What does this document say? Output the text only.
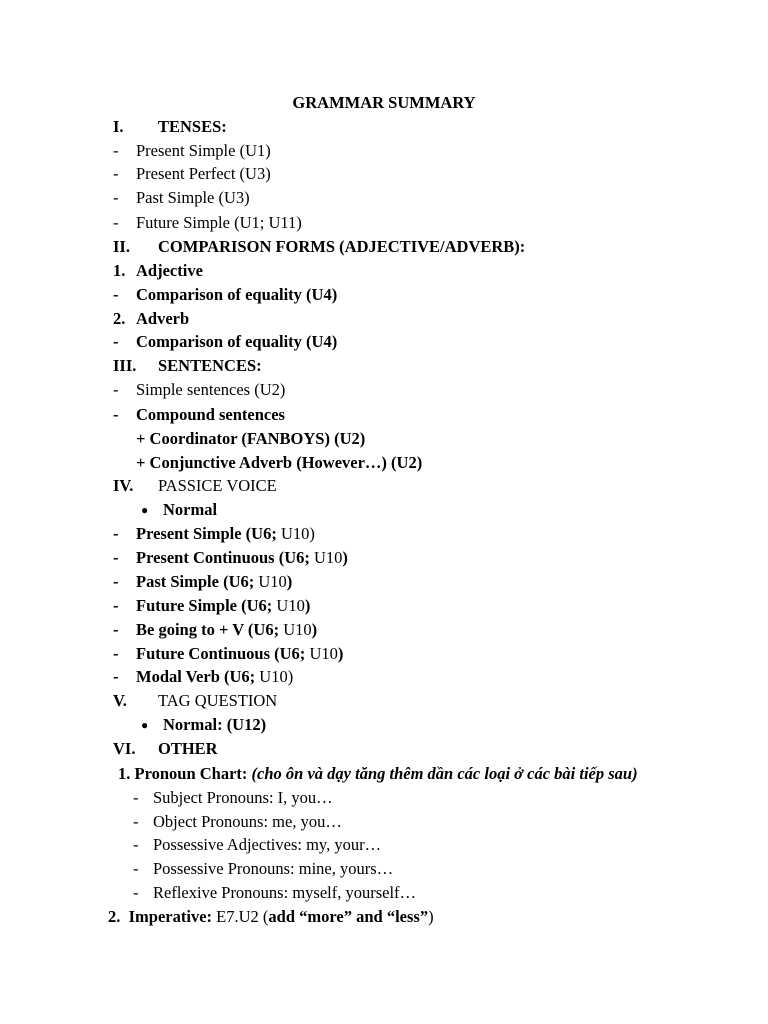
GRAMMAR SUMMARY
I. TENSES:
- Present Simple (U1)
- Present Perfect (U3)
- Past Simple (U3)
- Future Simple (U1; U11)
II. COMPARISON FORMS (ADJECTIVE/ADVERB):
1. Adjective
- Comparison of equality (U4)
2. Adverb
- Comparison of equality (U4)
III. SENTENCES:
- Simple sentences (U2)
- Compound sentences
+ Coordinator (FANBOYS) (U2)
+ Conjunctive Adverb (However…) (U2)
IV. PASSICE VOICE
● Normal
- Present Simple (U6; U10)
- Present Continuous (U6; U10)
- Past Simple (U6; U10)
- Future Simple (U6; U10)
- Be going to + V (U6; U10)
- Future Continuous (U6; U10)
- Modal Verb (U6; U10)
V. TAG QUESTION
● Normal: (U12)
VI. OTHER
1. Pronoun Chart: (cho ôn và dạy tăng thêm dần các loại ở các bài tiếp sau)
- Subject Pronouns: I, you…
- Object Pronouns: me, you…
- Possessive Adjectives: my, your…
- Possessive Pronouns: mine, yours…
- Reflexive Pronouns: myself, yourself…
2. Imperative: E7.U2 (add “more” and “less”)
